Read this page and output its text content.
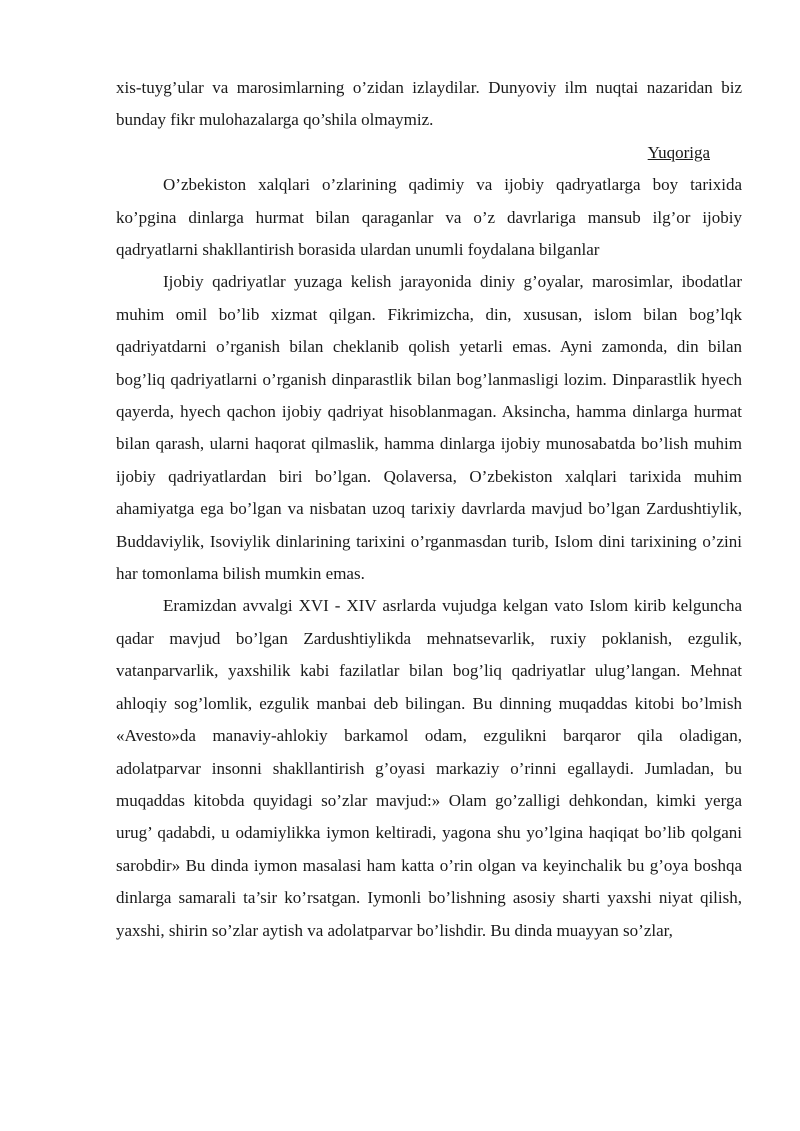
xis-tuyg’ular va marosimlarning o’zidan izlaydilar. Dunyoviy ilm nuqtai nazaridan biz bunday fikr mulohazalarga qo’shila olmaymiz.

Yuqoriga

O’zbekiston xalqlari o’zlarining qadimiy va ijobiy qadryatlarga boy tarixida ko’pgina dinlarga hurmat bilan qaraganlar va o’z davrlariga mansub ilg’or ijobiy qadryatlarni shakllantirish borasida ulardan unumli foydalana bilganlar

Ijobiy qadriyatlar yuzaga kelish jarayonida diniy g’oyalar, marosimlar, ibodatlar muhim omil bo’lib xizmat qilgan. Fikrimizcha, din, xususan, islom bilan bog’lqk qadriyatdarni o’rganish bilan cheklanib qolish yetarli emas. Ayni zamonda, din bilan bog’liq qadriyatlarni o’rganish dinparastlik bilan bog’lanmasligi lozim. Dinparastlik hyech qayerda, hyech qachon ijobiy qadriyat hisoblanmagan. Aksincha, hamma dinlarga hurmat bilan qarash, ularni haqorat qilmaslik, hamma dinlarga ijobiy munosabatda bo’lish muhim ijobiy qadriyatlardan biri bo’lgan. Qolaversa, O’zbekiston xalqlari tarixida muhim ahamiyatga ega bo’lgan va nisbatan uzoq tarixiy davrlarda mavjud bo’lgan Zardushtiylik, Buddaviylik, Isoviylik dinlarining tarixini o’rganmasdan turib, Islom dini tarixining o’zini har tomonlama bilish mumkin emas.

Eramizdan avvalgi XVI - XIV asrlarda vujudga kelgan vato Islom kirib kelguncha qadar mavjud bo’lgan Zardushtiylikda mehnatsevarlik, ruxiy poklanish, ezgulik, vatanparvarlik, yaxshilik kabi fazilatlar bilan bog’liq qadriyatlar ulug’langan. Mehnat ahloqiy sog’lomlik, ezgulik manbai deb bilingan. Bu dinning muqaddas kitobi bo’lmish «Avesto»da manaviy-ahlokiy barkamol odam, ezgulikni barqaror qila oladigan, adolatparvar insonni shakllantirish g’oyasi markaziy o’rinni egallaydi. Jumladan, bu muqaddas kitobda quyidagi so’zlar mavjud:» Olam go’zalligi dehkondan, kimki yerga urug’ qadabdi, u odamiylikka iymon keltiradi, yagona shu yo’lgina haqiqat bo’lib qolgani sarobdir» Bu dinda iymon masalasi ham katta o’rin olgan va keyinchalik bu g’oya boshqa dinlarga samarali ta’sir ko’rsatgan. Iymonli bo’lishning asosiy sharti yaxshi niyat qilish, yaxshi, shirin so’zlar aytish va adolatparvar bo’lishdir. Bu dinda muayyan so’zlar,
